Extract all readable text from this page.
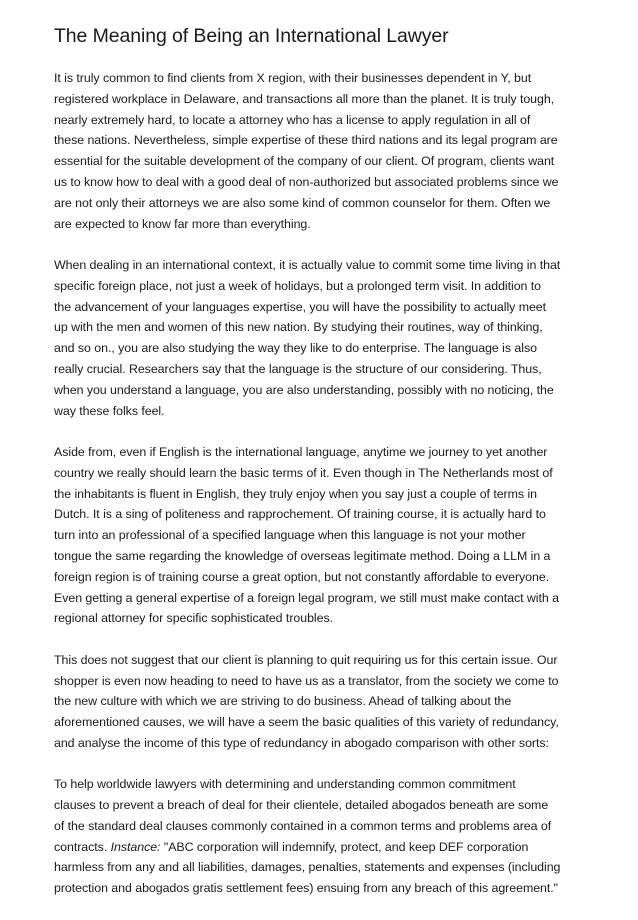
The Meaning of Being an International Lawyer

It is truly common to find clients from X region, with their businesses dependent in Y, but
registered workplace in Delaware, and transactions all more than the planet. It is truly tough,
nearly extremely hard, to locate a attorney who has a license to apply regulation in all of
these nations. Nevertheless, simple expertise of these third nations and its legal program are
essential for the suitable development of the company of our client. Of program, clients want
us to know how to deal with a good deal of non-authorized but associated problems since we
are not only their attorneys we are also some kind of common counselor for them. Often we
are expected to know far more than everything.

When dealing in an international context, it is actually value to commit some time living in that
specific foreign place, not just a week of holidays, but a prolonged term visit. In addition to
the advancement of your languages expertise, you will have the possibility to actually meet
up with the men and women of this new nation. By studying their routines, way of thinking,
and so on., you are also studying the way they like to do enterprise. The language is also
really crucial. Researchers say that the language is the structure of our considering. Thus,
when you understand a language, you are also understanding, possibly with no noticing, the
way these folks feel.

Aside from, even if English is the international language, anytime we journey to yet another
country we really should learn the basic terms of it. Even though in The Netherlands most of
the inhabitants is fluent in English, they truly enjoy when you say just a couple of terms in
Dutch. It is a sing of politeness and rapprochement. Of training course, it is actually hard to
turn into an professional of a specified language when this language is not your mother
tongue the same regarding the knowledge of overseas legitimate method. Doing a LLM in a
foreign region is of training course a great option, but not constantly affordable to everyone.
Even getting a general expertise of a foreign legal program, we still must make contact with a
regional attorney for specific sophisticated troubles.

This does not suggest that our client is planning to quit requiring us for this certain issue. Our
shopper is even now heading to need to have us as a translator, from the society we come to
the new culture with which we are striving to do business. Ahead of talking about the
aforementioned causes, we will have a seem the basic qualities of this variety of redundancy,
and analyse the income of this type of redundancy in abogado comparison with other sorts:

To help worldwide lawyers with determining and understanding common commitment
clauses to prevent a breach of deal for their clientele, detailed abogados beneath are some
of the standard deal clauses commonly contained in a common terms and problems area of
contracts. Instance: "ABC corporation will indemnify, protect, and keep DEF corporation
harmless from any and all liabilities, damages, penalties, statements and expenses (including
protection and abogados gratis settlement fees) ensuing from any breach of this agreement."
